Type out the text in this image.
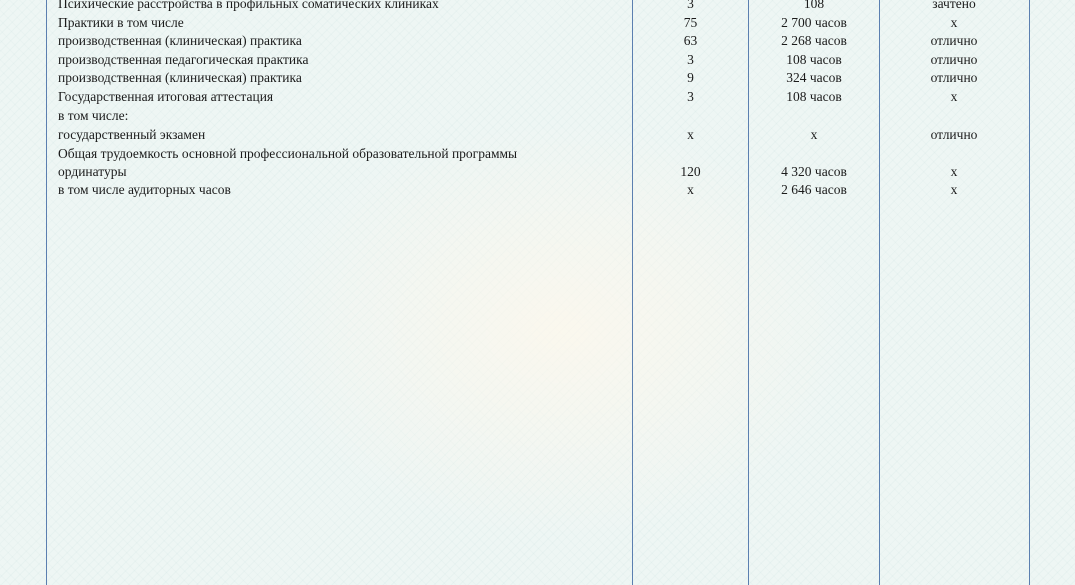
Психические расстройства в профильных соматических клиниках	3	108	зачтено
Практики в том числе	75	2 700 часов	х
производственная (клиническая) практика	63	2 268 часов	отлично
производственная педагогическая практика	3	108 часов	отлично
производственная (клиническая) практика	9	324 часов	отлично
Государственная итоговая аттестация	3	108 часов	х
в том числе:
государственный экзамен	х	х	отлично
Общая трудоемкость основной профессиональной образовательной программы
ординатуры	120	4 320 часов	х
в том числе аудиторных часов	х	2 646 часов	х
